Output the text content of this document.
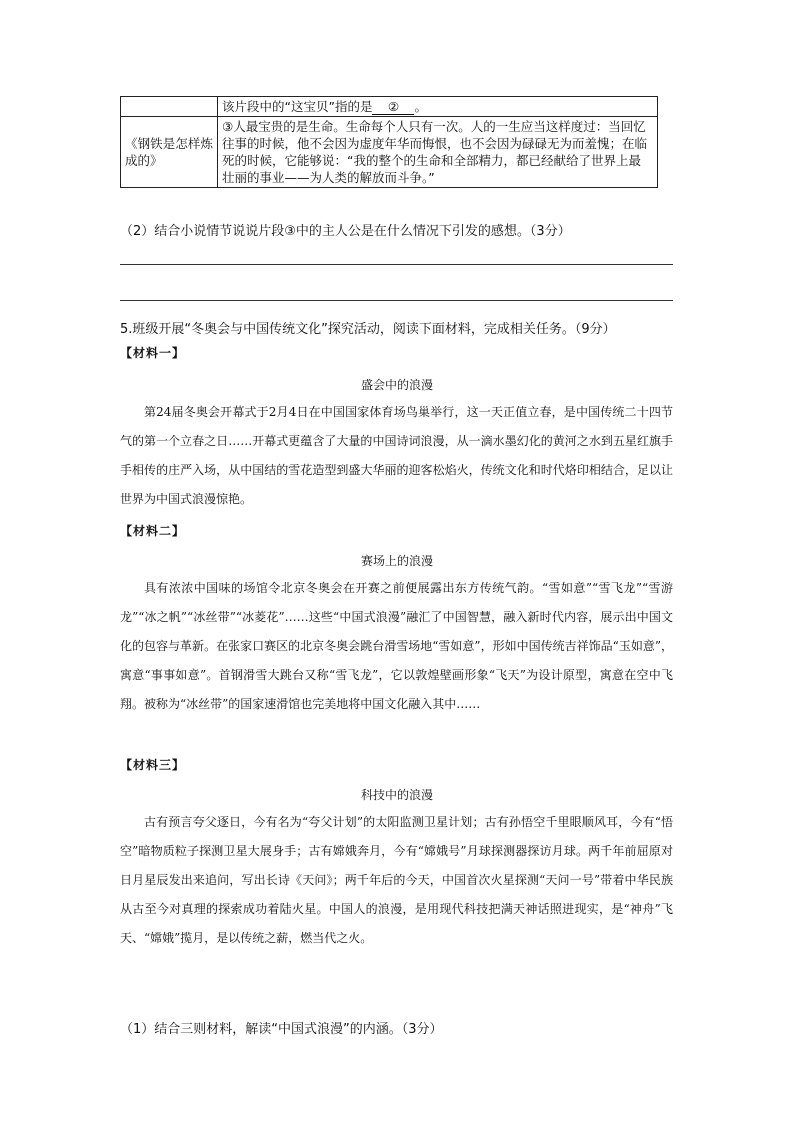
	该片段中的“这宝贝”指的是 ② 。
《钢铁是怎样炼成的》	③人最宝贵的是生命。生命每个人只有一次。人的一生应当这样度过：当回忆往事的时候，他不会因为虚度年华而悔恨，也不会因为碌碌无为而羞愧；在临死的时候，它能够说：“我的整个的生命和全部精力，都已经献给了世界上最壮丽的事业——为人类的解放而斗争。”
（2）结合小说情节说说片段③中的主人公是在什么情况下引发的感想。（3分）
5.班级开展“冬奥会与中国传统文化”探究活动，阅读下面材料，完成相关任务。（9分）
【材料一】
盛会中的浪漫

第24届冬奥会开幕式于2月4日在中国国家体育场鸟巢举行，这一天正值立春，是中国传统二十四节气的第一个立春之日……开幕式更蕴含了大量的中国诗词浪漫，从一滴水墨幻化的黄河之水到五星红旗手手相传的庄严入场，从中国结的雪花造型到盛大华丽的迎客松焰火，传统文化和时代烙印相结合，足以让世界为中国式浪漫惊艳。

【材料二】
赛场上的浪漫

具有浓浓中国味的场馆令北京冬奥会在开赛之前便展露出东方传统气韵。“雪如意”“雪飞龙”“雪游龙”“冰之帆”“冰丝带”“冰菱花”……这些“中国式浪漫”融汇了中国智慧，融入新时代内容，展示出中国文化的包容与革新。在张家口赛区的北京冬奥会跳台滑雪场地“雪如意”，形如中国传统吉祥饰品“玉如意”，寓意“事事如意”。首钢滑雪大跳台又称“雪飞龙”，它以敦煌壁画形象“飞天”为设计原型，寓意在空中飞翔。被称为“冰丝带”的国家速滑馆也完美地将中国文化融入其中……

【材料三】
科技中的浪漫

古有预言夸父逐日，今有名为“夸父计划”的太阳监测卫星计划；古有孙悟空千里眼顺风耳，今有“悟空”暗物质粒子探测卫星大展身手；古有嫦娥奔月，今有“嫦娥号”月球探测器探访月球。两千年前屈原对日月星辰发出来追问，写出长诗《天问》；两千年后的今天，中国首次火星探测“天问一号”带着中华民族从古至今对真理的探索成功着陆火星。中国人的浪漫，是用现代科技把满天神话照进现实，是“神舟”飞天、“嫦娥”揽月，是以传统之薪，燃当代之火。

（1）结合三则材料，解读“中国式浪漫”的内涵。（3分）
